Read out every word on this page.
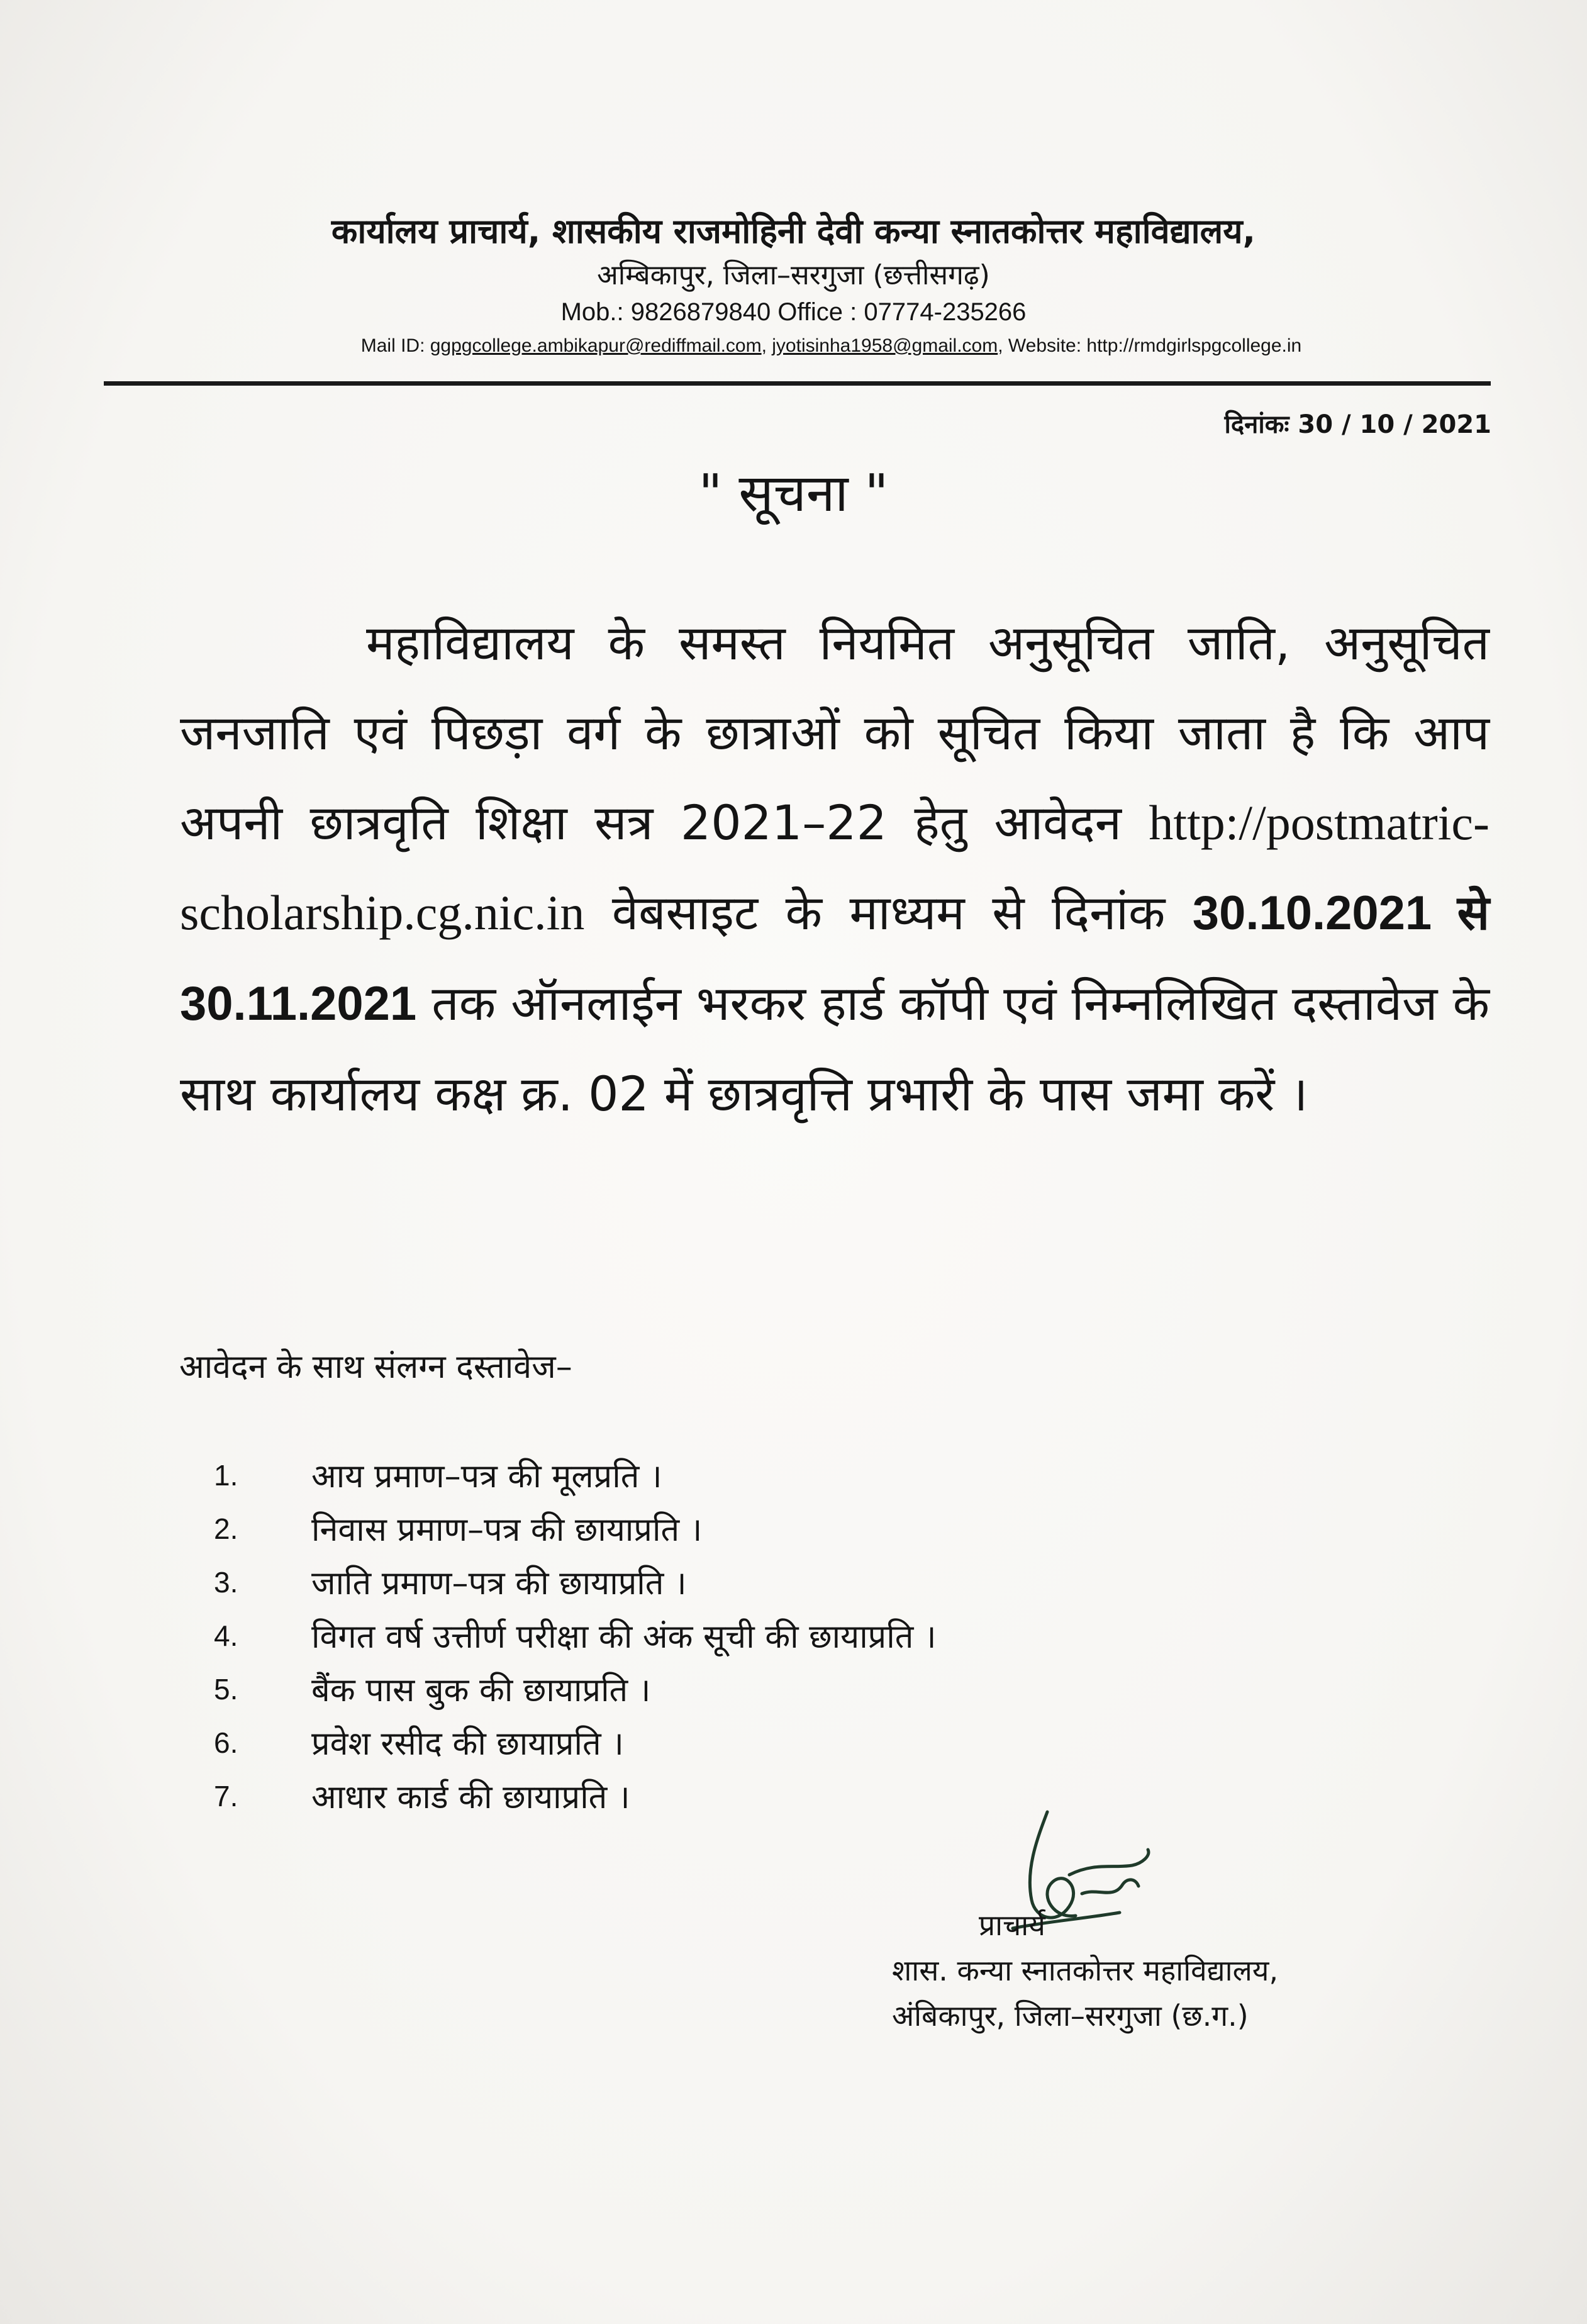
कार्यालय प्राचार्य, शासकीय राजमोहिनी देवी कन्या स्नातकोत्तर महाविद्यालय,
अम्बिकापुर, जिला–सरगुजा (छत्तीसगढ़)
Mob.: 9826879840 Office : 07774-235266
Mail ID: ggpgcollege.ambikapur@rediffmail.com, jyotisinha1958@gmail.com, Website: http://rmdgirlspgcollege.in
दिनांकः 30 / 10 / 2021
" सूचना "
महाविद्यालय के समस्त नियमित अनुसूचित जाति, अनुसूचित जनजाति एवं पिछड़ा वर्ग के छात्राओं को सूचित किया जाता है कि आप अपनी छात्रवृति शिक्षा सत्र 2021–22 हेतु आवेदन http://postmatric-scholarship.cg.nic.in वेबसाइट के माध्यम से दिनांक 30.10.2021 से 30.11.2021 तक ऑनलाईन भरकर हार्ड कॉपी एवं निम्नलिखित दस्तावेज के साथ कार्यालय कक्ष क्र. 02 में छात्रवृत्ति प्रभारी के पास जमा करें ।
आवेदन के साथ संलग्न दस्तावेज–
1.	आय प्रमाण–पत्र की मूलप्रति ।
2.	निवास प्रमाण–पत्र की छायाप्रति ।
3.	जाति प्रमाण–पत्र की छायाप्रति ।
4.	विगत वर्ष उत्तीर्ण परीक्षा की अंक सूची की छायाप्रति ।
5.	बैंक पास बुक की छायाप्रति ।
6.	प्रवेश रसीद की छायाप्रति ।
7.	आधार कार्ड की छायाप्रति ।
प्राचार्य
शास. कन्या स्नातकोत्तर महाविद्यालय,
अंबिकापुर, जिला–सरगुजा (छ.ग.)
